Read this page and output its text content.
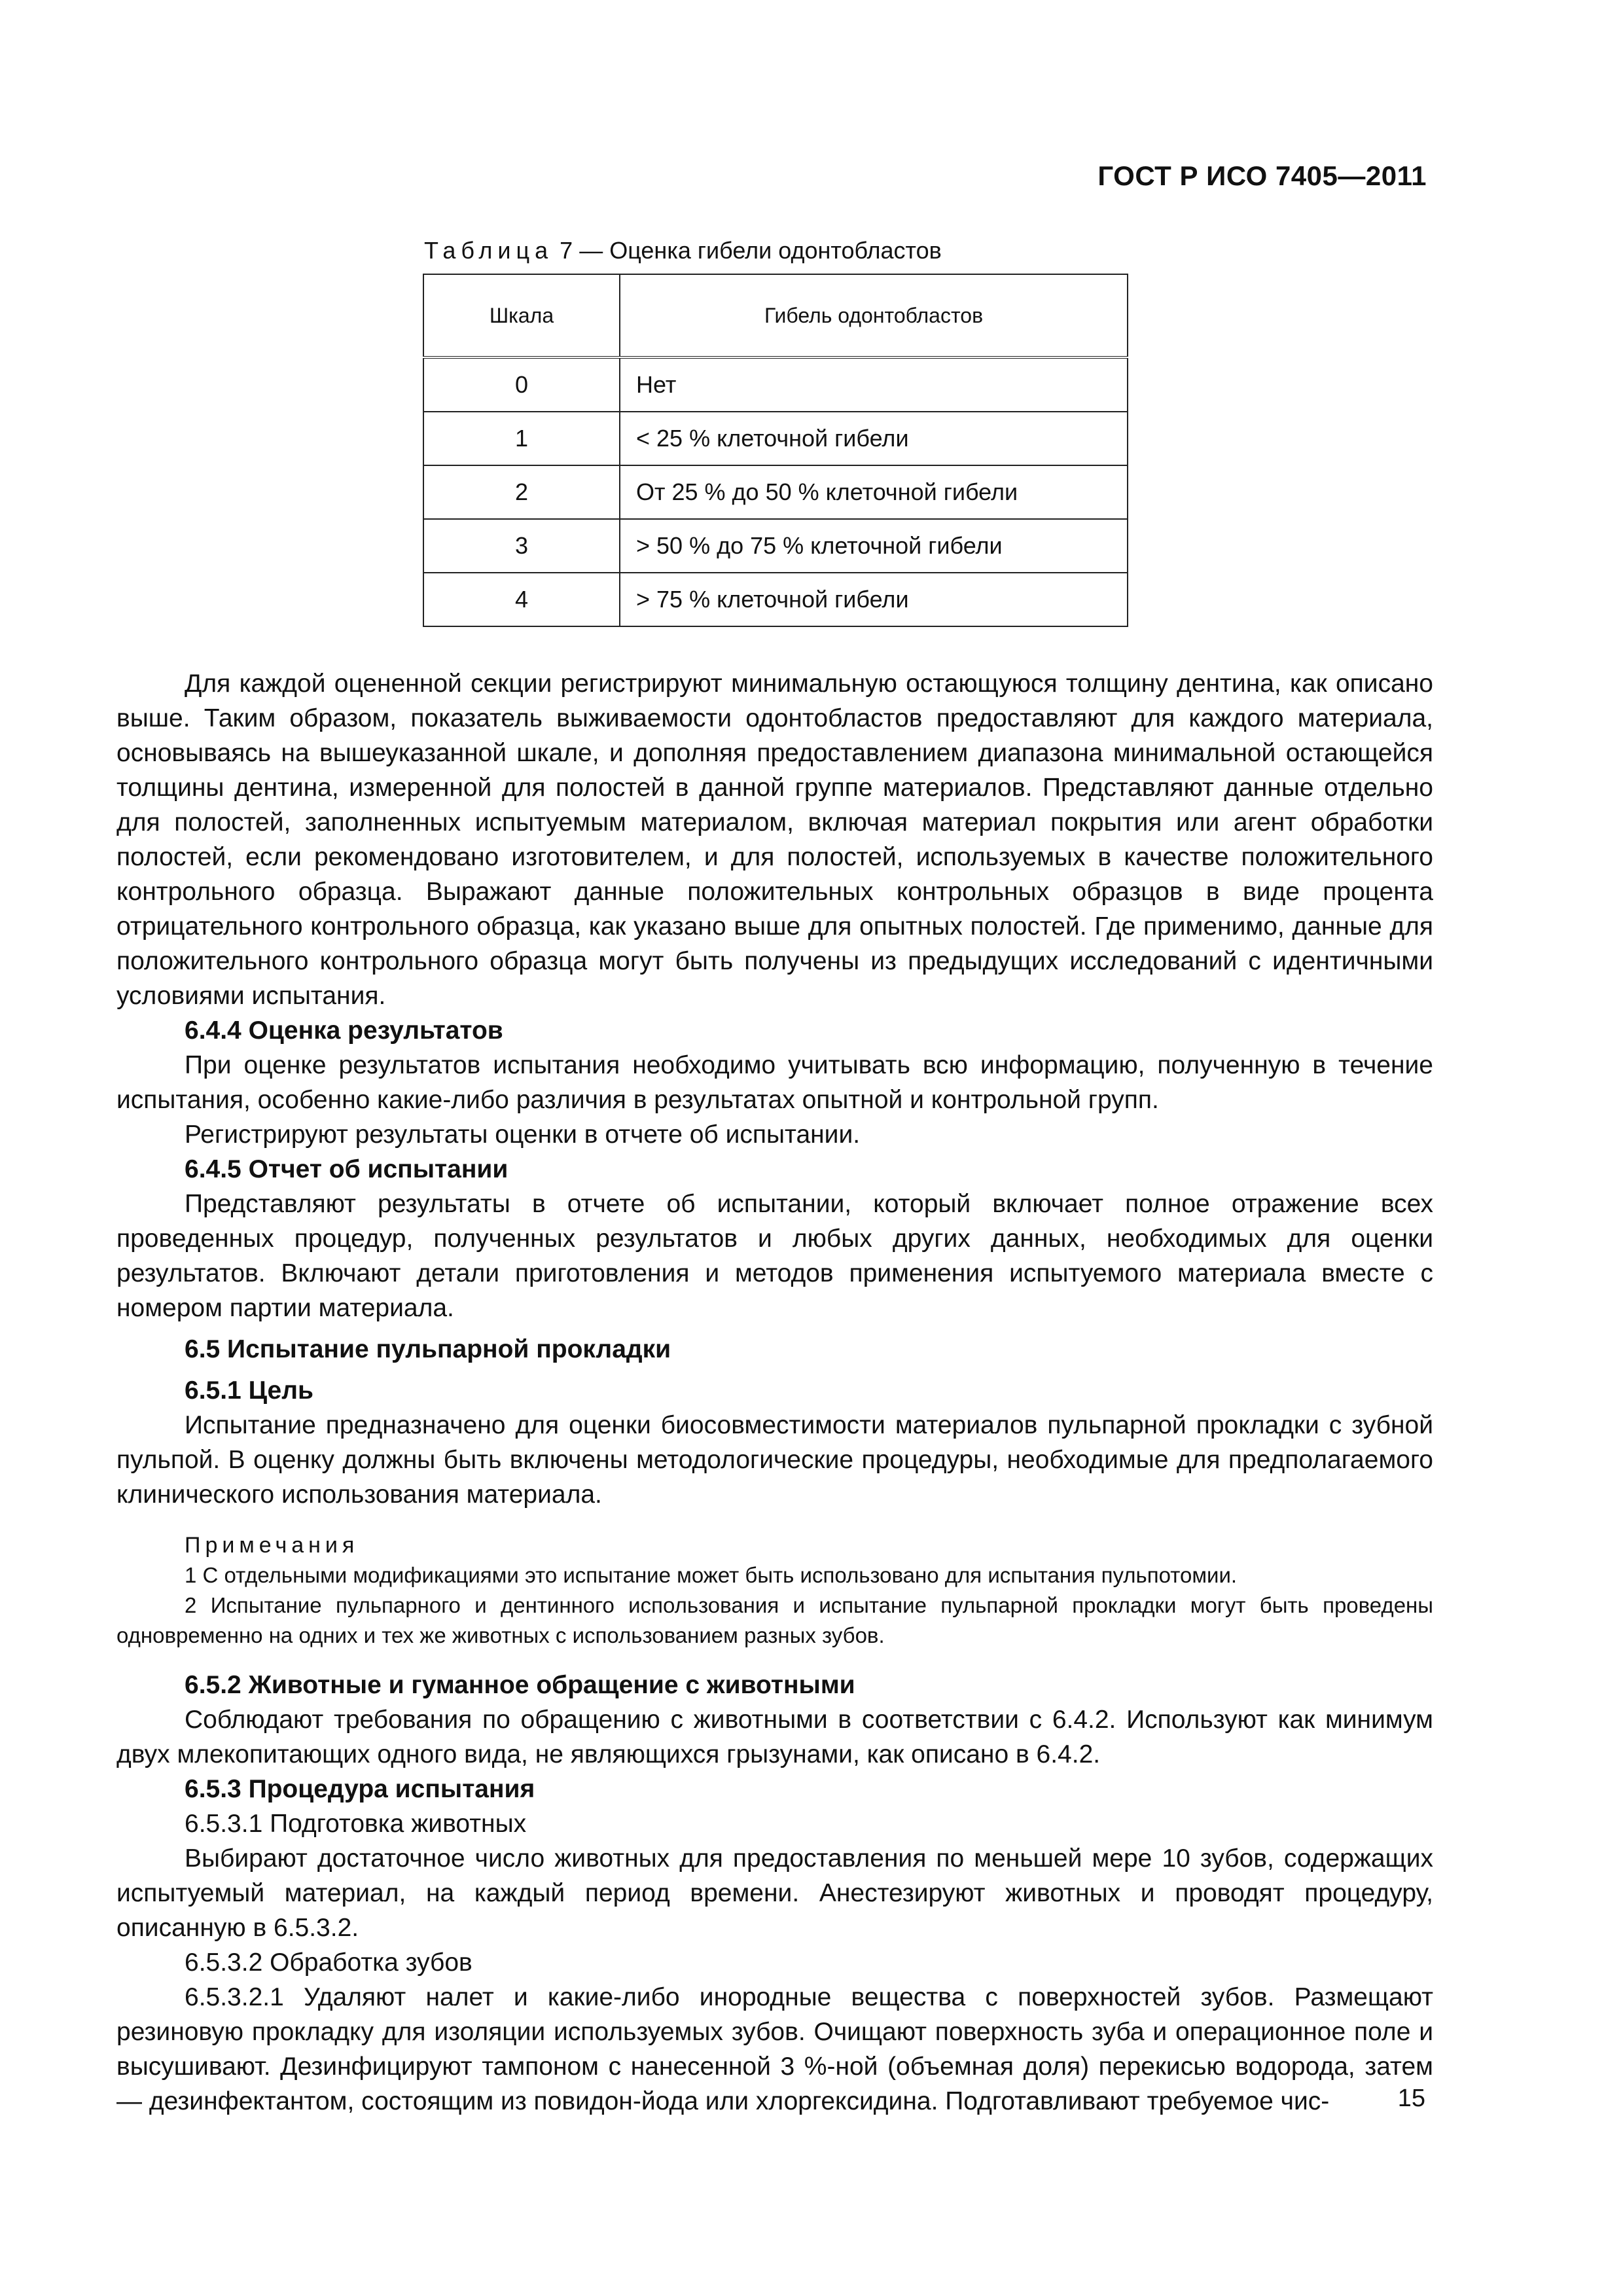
ГОСТ Р ИСО 7405—2011
Таблица 7 — Оценка гибели одонтобластов
Шкала	Гибель одонтобластов
0	Нет
1	< 25 % клеточной гибели
2	От 25 % до 50 % клеточной гибели
3	> 50 % до 75 % клеточной гибели
4	> 75 % клеточной гибели

Для каждой оцененной секции регистрируют минимальную остающуюся толщину дентина, как описано выше. Таким образом, показатель выживаемости одонтобластов предоставляют для каждого материала, основываясь на вышеуказанной шкале, и дополняя предоставлением диапазона минимальной остающейся толщины дентина, измеренной для полостей в данной группе материалов. Представляют данные отдельно для полостей, заполненных испытуемым материалом, включая материал покрытия или агент обработки полостей, если рекомендовано изготовителем, и для полостей, используемых в качестве положительного контрольного образца. Выражают данные положительных контрольных образцов в виде процента отрицательного контрольного образца, как указано выше для опытных полостей. Где применимо, данные для положительного контрольного образца могут быть получены из предыдущих исследований с идентичными условиями испытания.

6.4.4 Оценка результатов

При оценке результатов испытания необходимо учитывать всю информацию, полученную в течение испытания, особенно какие-либо различия в результатах опытной и контрольной групп.

Регистрируют результаты оценки в отчете об испытании.

6.4.5 Отчет об испытании

Представляют результаты в отчете об испытании, который включает полное отражение всех проведенных процедур, полученных результатов и любых других данных, необходимых для оценки результатов. Включают детали приготовления и методов применения испытуемого материала вместе с номером партии материала.

6.5 Испытание пульпарной прокладки
6.5.1 Цель

Испытание предназначено для оценки биосовместимости материалов пульпарной прокладки с зубной пульпой. В оценку должны быть включены методологические процедуры, необходимые для предполагаемого клинического использования материала.

Примечания

1 С отдельными модификациями это испытание может быть использовано для испытания пульпотомии.

2 Испытание пульпарного и дентинного использования и испытание пульпарной прокладки могут быть проведены одновременно на одних и тех же животных с использованием разных зубов.

6.5.2 Животные и гуманное обращение с животными

Соблюдают требования по обращению с животными в соответствии с 6.4.2. Используют как минимум двух млекопитающих одного вида, не являющихся грызунами, как описано в 6.4.2.

6.5.3 Процедура испытания
6.5.3.1 Подготовка животных

Выбирают достаточное число животных для предоставления по меньшей мере 10 зубов, содержащих испытуемый материал, на каждый период времени. Анестезируют животных и проводят процедуру, описанную в 6.5.3.2.

6.5.3.2 Обработка зубов

6.5.3.2.1 Удаляют налет и какие-либо инородные вещества с поверхностей зубов. Размещают резиновую прокладку для изоляции используемых зубов. Очищают поверхность зуба и операционное поле и высушивают. Дезинфицируют тампоном с нанесенной 3 %-ной (объемная доля) перекисью водорода, затем — дезинфектантом, состоящим из повидон-йода или хлоргексидина. Подготавливают требуемое чис-	15
